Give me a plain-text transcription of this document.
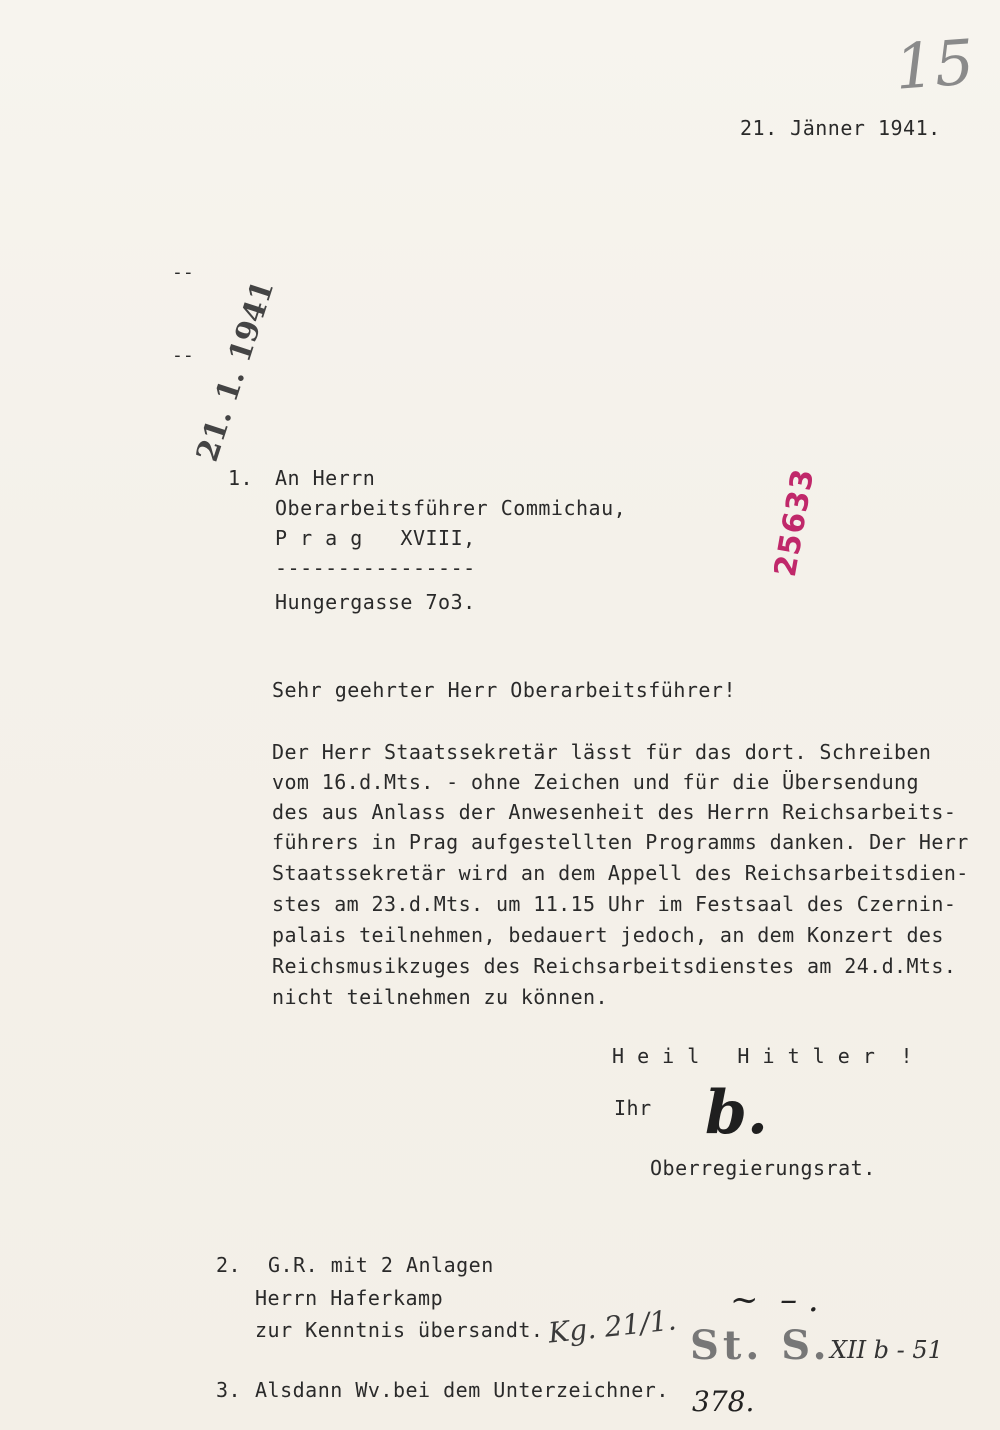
15
21. Jänner 1941.
--
--
21. 1. 1941
25633
1. An Herrn
Oberarbeitsführer Commichau,
P r a g   XVIII,
----------------
Hungergasse 7o3.
Sehr geehrter Herr Oberarbeitsführer!
Der Herr Staatssekretär lässt für das dort. Schreiben
vom 16.d.Mts. - ohne Zeichen und für die Übersendung
des aus Anlass der Anwesenheit des Herrn Reichsarbeits-
führers in Prag aufgestellten Programms danken. Der Herr
Staatssekretär wird an dem Appell des Reichsarbeitsdien-
stes am 23.d.Mts. um 11.15 Uhr im Festsaal des Czernin-
palais teilnehmen, bedauert jedoch, an dem Konzert des
Reichsmusikzuges des Reichsarbeitsdienstes am 24.d.Mts.
nicht teilnehmen zu können.
H e i l   H i t l e r  !
Ihr b.
Oberregierungsrat.
2. G.R. mit 2 Anlagen
Herrn Haferkamp
zur Kenntnis übersandt. Kg. 21/1.
~  – .
St. S. XII b - 51
3. Alsdann Wv.bei dem Unterzeichner. 378.
